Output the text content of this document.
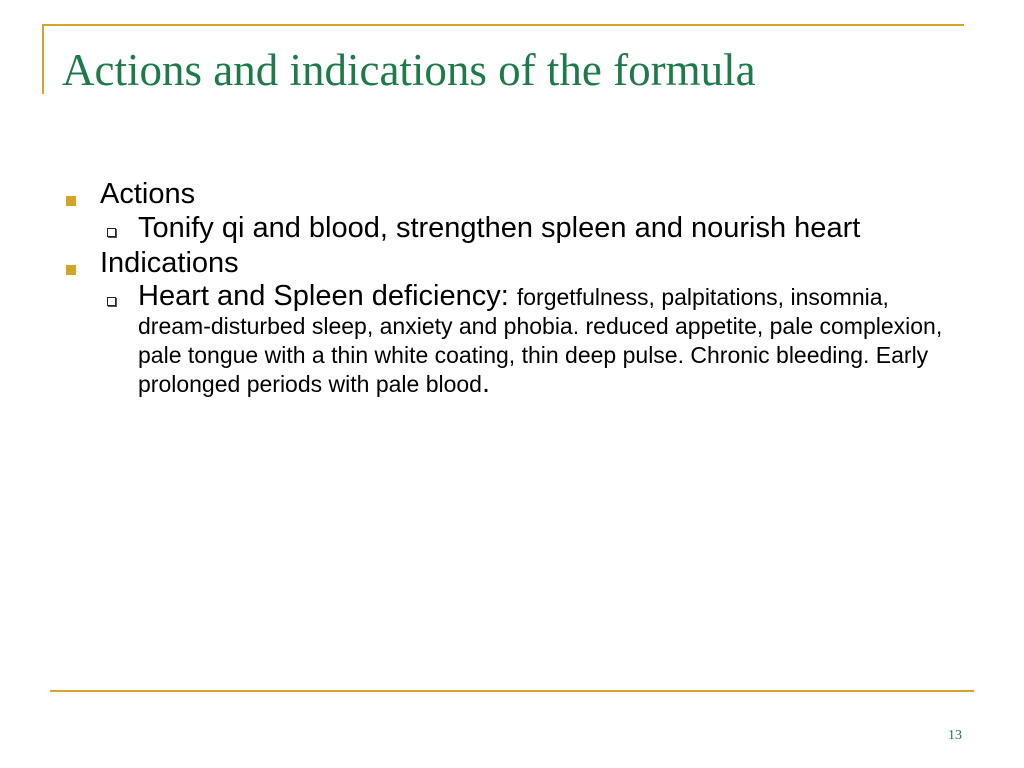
Actions and indications of the formula
Actions
Tonify qi and blood, strengthen spleen and nourish heart
Indications
Heart and Spleen deficiency: forgetfulness, palpitations, insomnia, dream-disturbed sleep, anxiety and phobia. reduced appetite, pale complexion, pale tongue with a thin white coating, thin deep pulse. Chronic bleeding. Early prolonged periods with pale blood.
13
